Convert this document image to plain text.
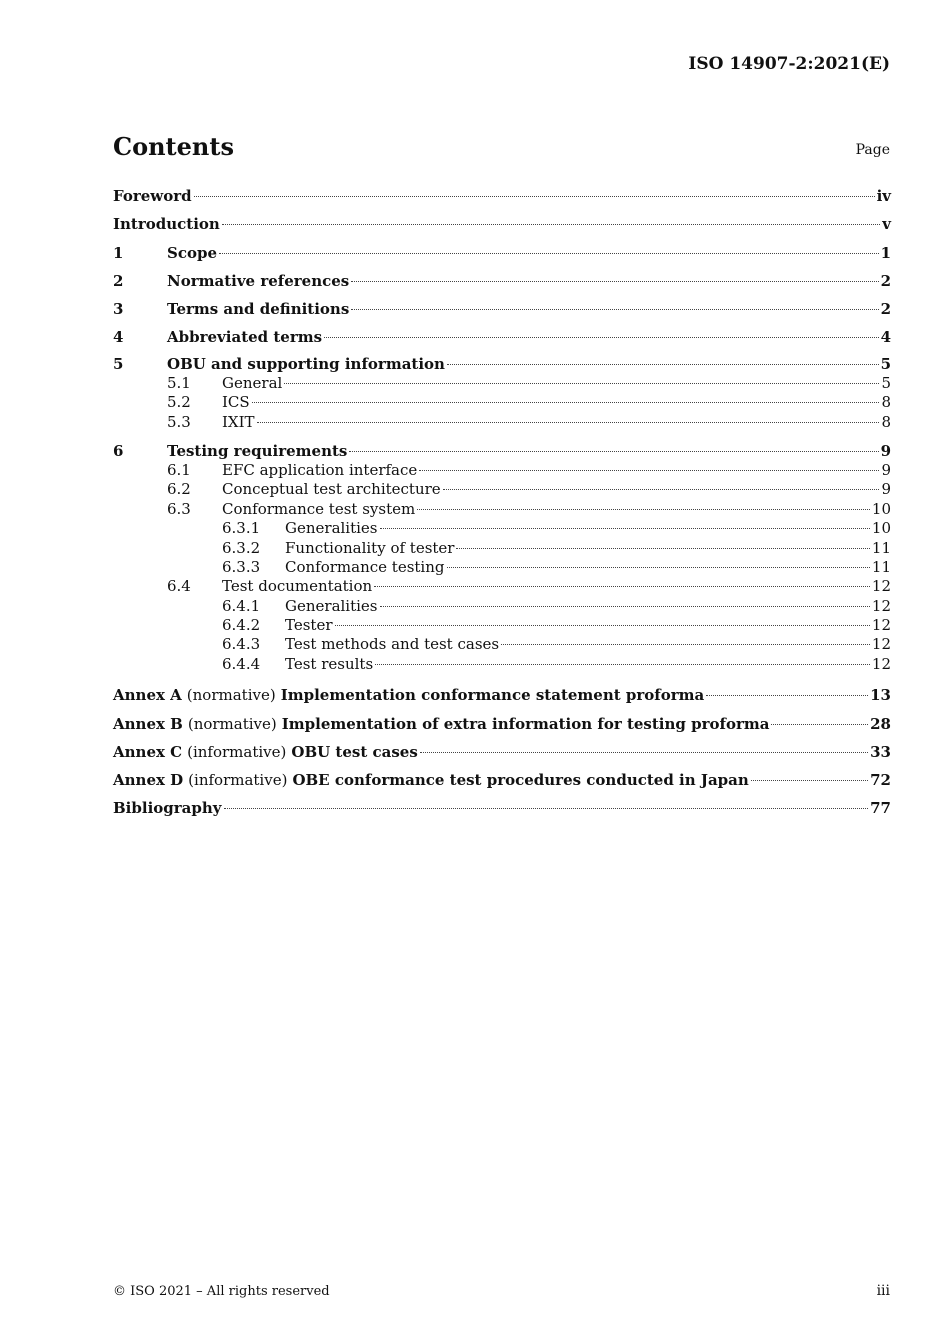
ISO 14907-2:2021(E)
Contents	Page
Foreword	iv
Introduction	v
1	Scope	1
2	Normative references	2
3	Terms and definitions	2
4	Abbreviated terms	4
5	OBU and supporting information	5
5.1	General	5
5.2	ICS	8
5.3	IXIT	8
6	Testing requirements	9
6.1	EFC application interface	9
6.2	Conceptual test architecture	9
6.3	Conformance test system	10
6.3.1	Generalities	10
6.3.2	Functionality of tester	11
6.3.3	Conformance testing	11
6.4	Test documentation	12
6.4.1	Generalities	12
6.4.2	Tester	12
6.4.3	Test methods and test cases	12
6.4.4	Test results	12
Annex A (normative) Implementation conformance statement proforma	13
Annex B (normative) Implementation of extra information for testing proforma	28
Annex C (informative) OBU test cases	33
Annex D (informative) OBE conformance test procedures conducted in Japan	72
Bibliography	77
© ISO 2021 – All rights reserved	iii
